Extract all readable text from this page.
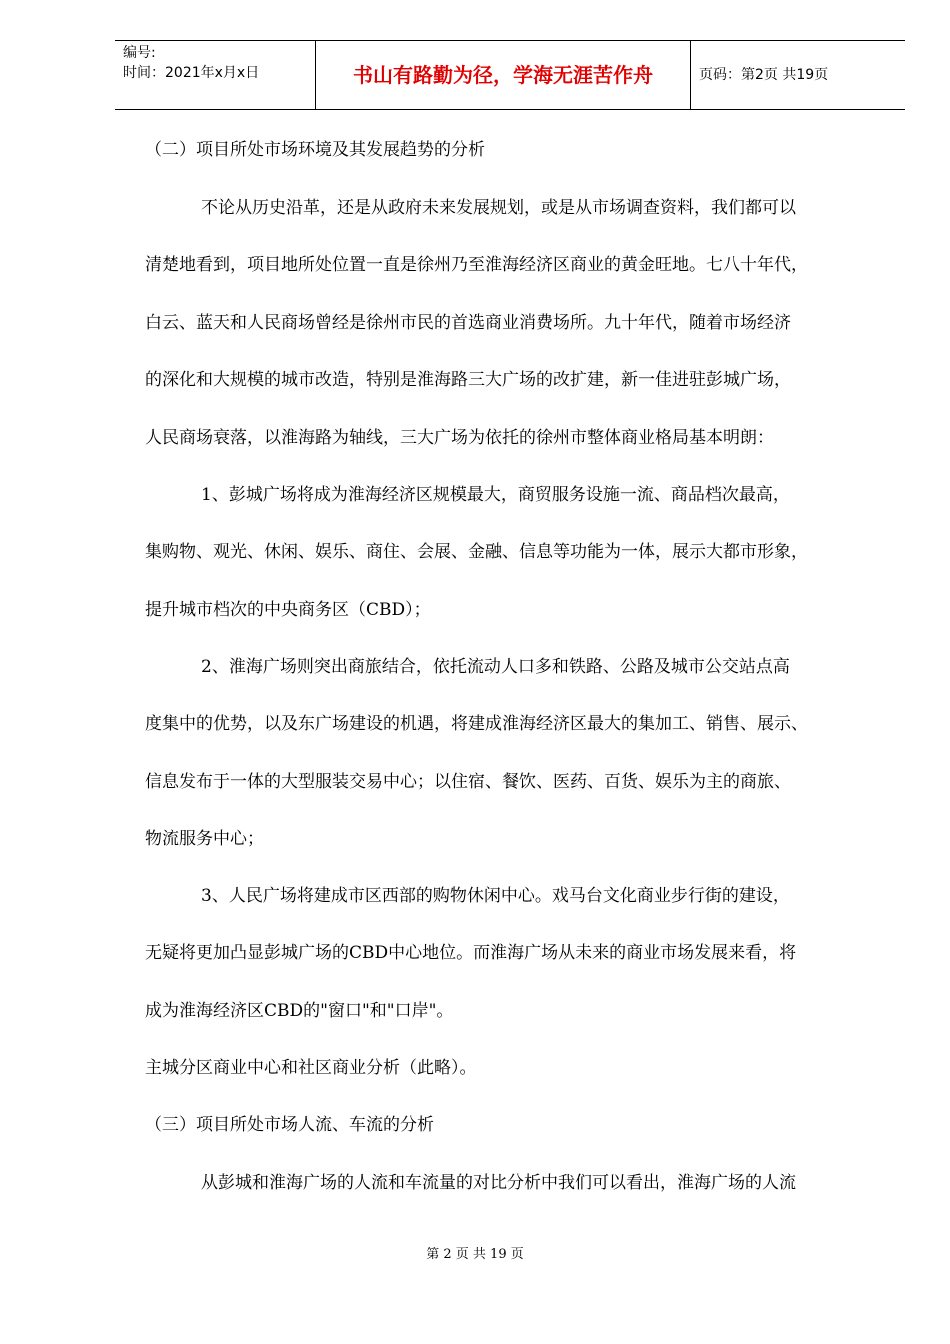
编号:
时间：2021年x月x日	书山有路勤为径，学海无涯苦作舟	页码：第2页 共19页
（二）项目所处市场环境及其发展趋势的分析
不论从历史沿革，还是从政府未来发展规划，或是从市场调查资料，我们都可以
清楚地看到，项目地所处位置一直是徐州乃至淮海经济区商业的黄金旺地。七八十年代，
白云、蓝天和人民商场曾经是徐州市民的首选商业消费场所。九十年代，随着市场经济
的深化和大规模的城市改造，特别是淮海路三大广场的改扩建，新一佳进驻彭城广场，
人民商场衰落，以淮海路为轴线，三大广场为依托的徐州市整体商业格局基本明朗：
1、彭城广场将成为淮海经济区规模最大，商贸服务设施一流、商品档次最高，
集购物、观光、休闲、娱乐、商住、会展、金融、信息等功能为一体，展示大都市形象，
提升城市档次的中央商务区（CBD）；
2、淮海广场则突出商旅结合，依托流动人口多和铁路、公路及城市公交站点高
度集中的优势，以及东广场建设的机遇，将建成淮海经济区最大的集加工、销售、展示、
信息发布于一体的大型服装交易中心；以住宿、餐饮、医药、百货、娱乐为主的商旅、
物流服务中心；
3、人民广场将建成市区西部的购物休闲中心。戏马台文化商业步行街的建设，
无疑将更加凸显彭城广场的CBD中心地位。而淮海广场从未来的商业市场发展来看，将
成为淮海经济区CBD的"窗口"和"口岸"。
主城分区商业中心和社区商业分析（此略）。
（三）项目所处市场人流、车流的分析
从彭城和淮海广场的人流和车流量的对比分析中我们可以看出，淮海广场的人流
第 2 页 共 19 页
